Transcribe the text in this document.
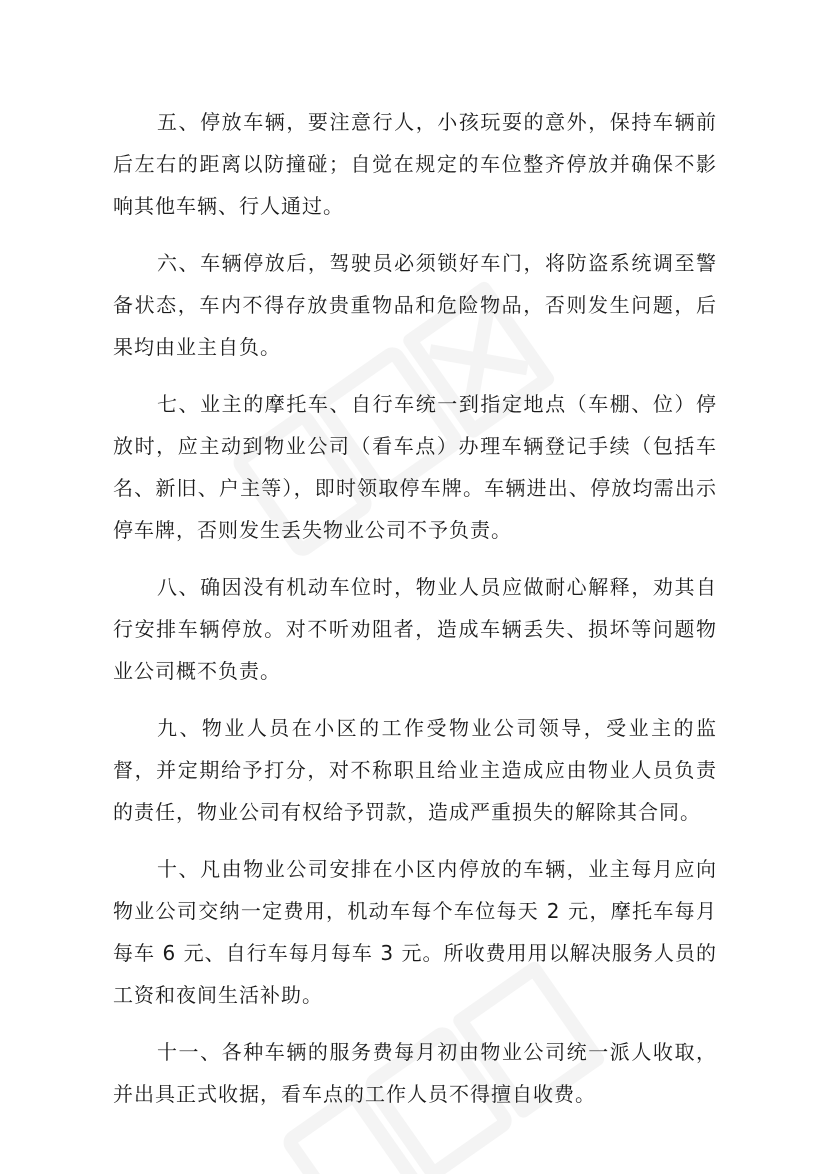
五、停放车辆，要注意行人，小孩玩耍的意外，保持车辆前后左右的距离以防撞碰；自觉在规定的车位整齐停放并确保不影响其他车辆、行人通过。

六、车辆停放后，驾驶员必须锁好车门，将防盗系统调至警备状态，车内不得存放贵重物品和危险物品，否则发生问题，后果均由业主自负。

七、业主的摩托车、自行车统一到指定地点（车棚、位）停放时，应主动到物业公司（看车点）办理车辆登记手续（包括车名、新旧、户主等），即时领取停车牌。车辆进出、停放均需出示停车牌，否则发生丢失物业公司不予负责。

八、确因没有机动车位时，物业人员应做耐心解释，劝其自行安排车辆停放。对不听劝阻者，造成车辆丢失、损坏等问题物业公司概不负责。

九、物业人员在小区的工作受物业公司领导，受业主的监督，并定期给予打分，对不称职且给业主造成应由物业人员负责的责任，物业公司有权给予罚款，造成严重损失的解除其合同。

十、凡由物业公司安排在小区内停放的车辆，业主每月应向物业公司交纳一定费用，机动车每个车位每天 2 元，摩托车每月每车 6 元、自行车每月每车 3 元。所收费用用以解决服务人员的工资和夜间生活补助。

十一、各种车辆的服务费每月初由物业公司统一派人收取，并出具正式收据，看车点的工作人员不得擅自收费。
